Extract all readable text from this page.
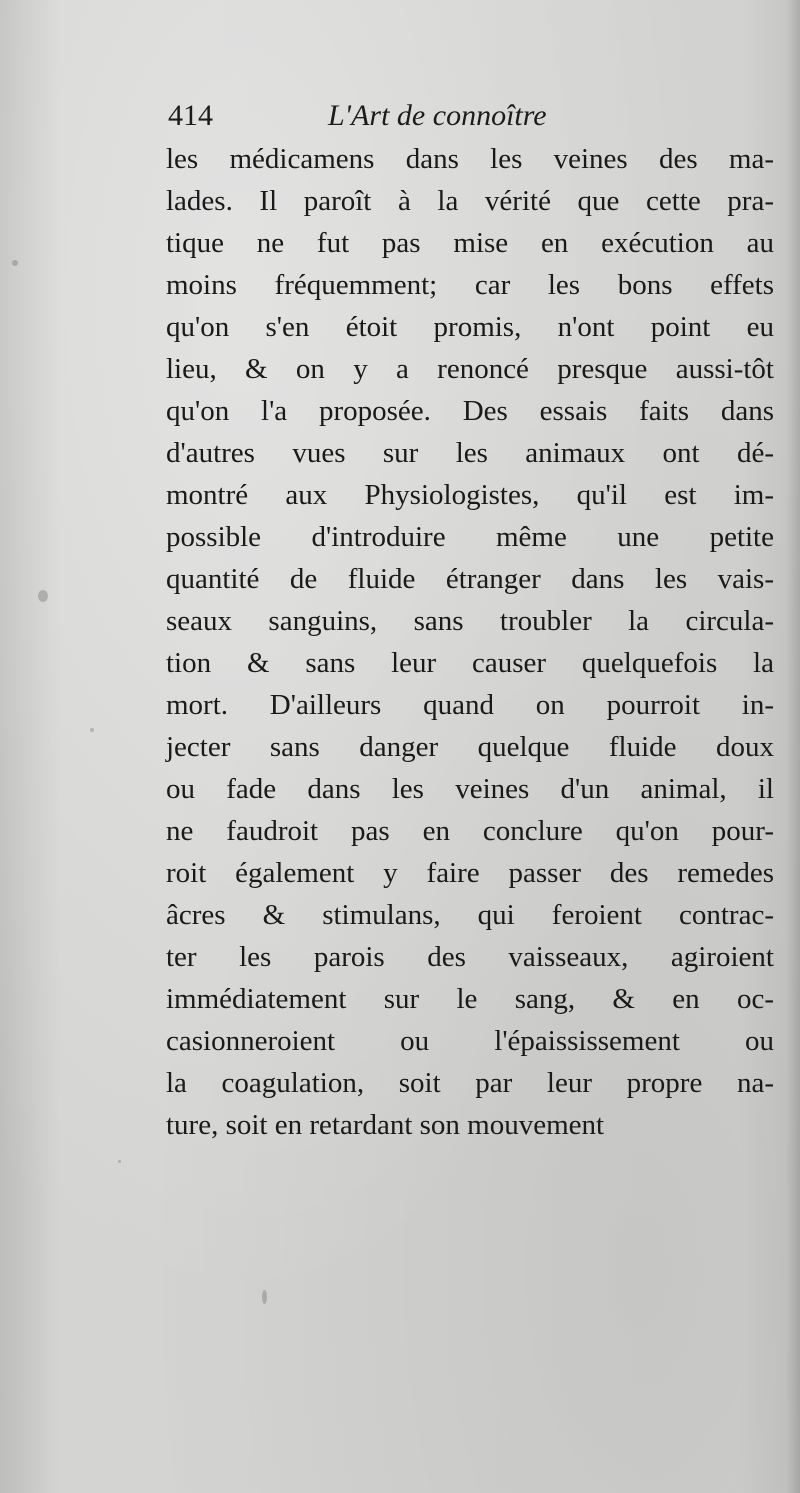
414	L'Art de connoître
les médicamens dans les veines des ma-
lades. Il paroît à la vérité que cette pra-
tique ne fut pas mise en exécution au
moins fréquemment; car les bons effets
qu'on s'en étoit promis, n'ont point eu
lieu, & on y a renoncé presque aussi-tôt
qu'on l'a proposée. Des essais faits dans
d'autres vues sur les animaux ont dé-
montré aux Physiologistes, qu'il est im-
possible d'introduire même une petite
quantité de fluide étranger dans les vais-
seaux sanguins, sans troubler la circula-
tion & sans leur causer quelquefois la
mort. D'ailleurs quand on pourroit in-
jecter sans danger quelque fluide doux
ou fade dans les veines d'un animal, il
ne faudroit pas en conclure qu'on pour-
roit également y faire passer des remedes
âcres & stimulans, qui feroient contrac-
ter les parois des vaisseaux, agiroient
immédiatement sur le sang, & en oc-
casionneroient ou l'épaississement ou
la coagulation, soit par leur propre na-
ture, soit en retardant son mouvement
